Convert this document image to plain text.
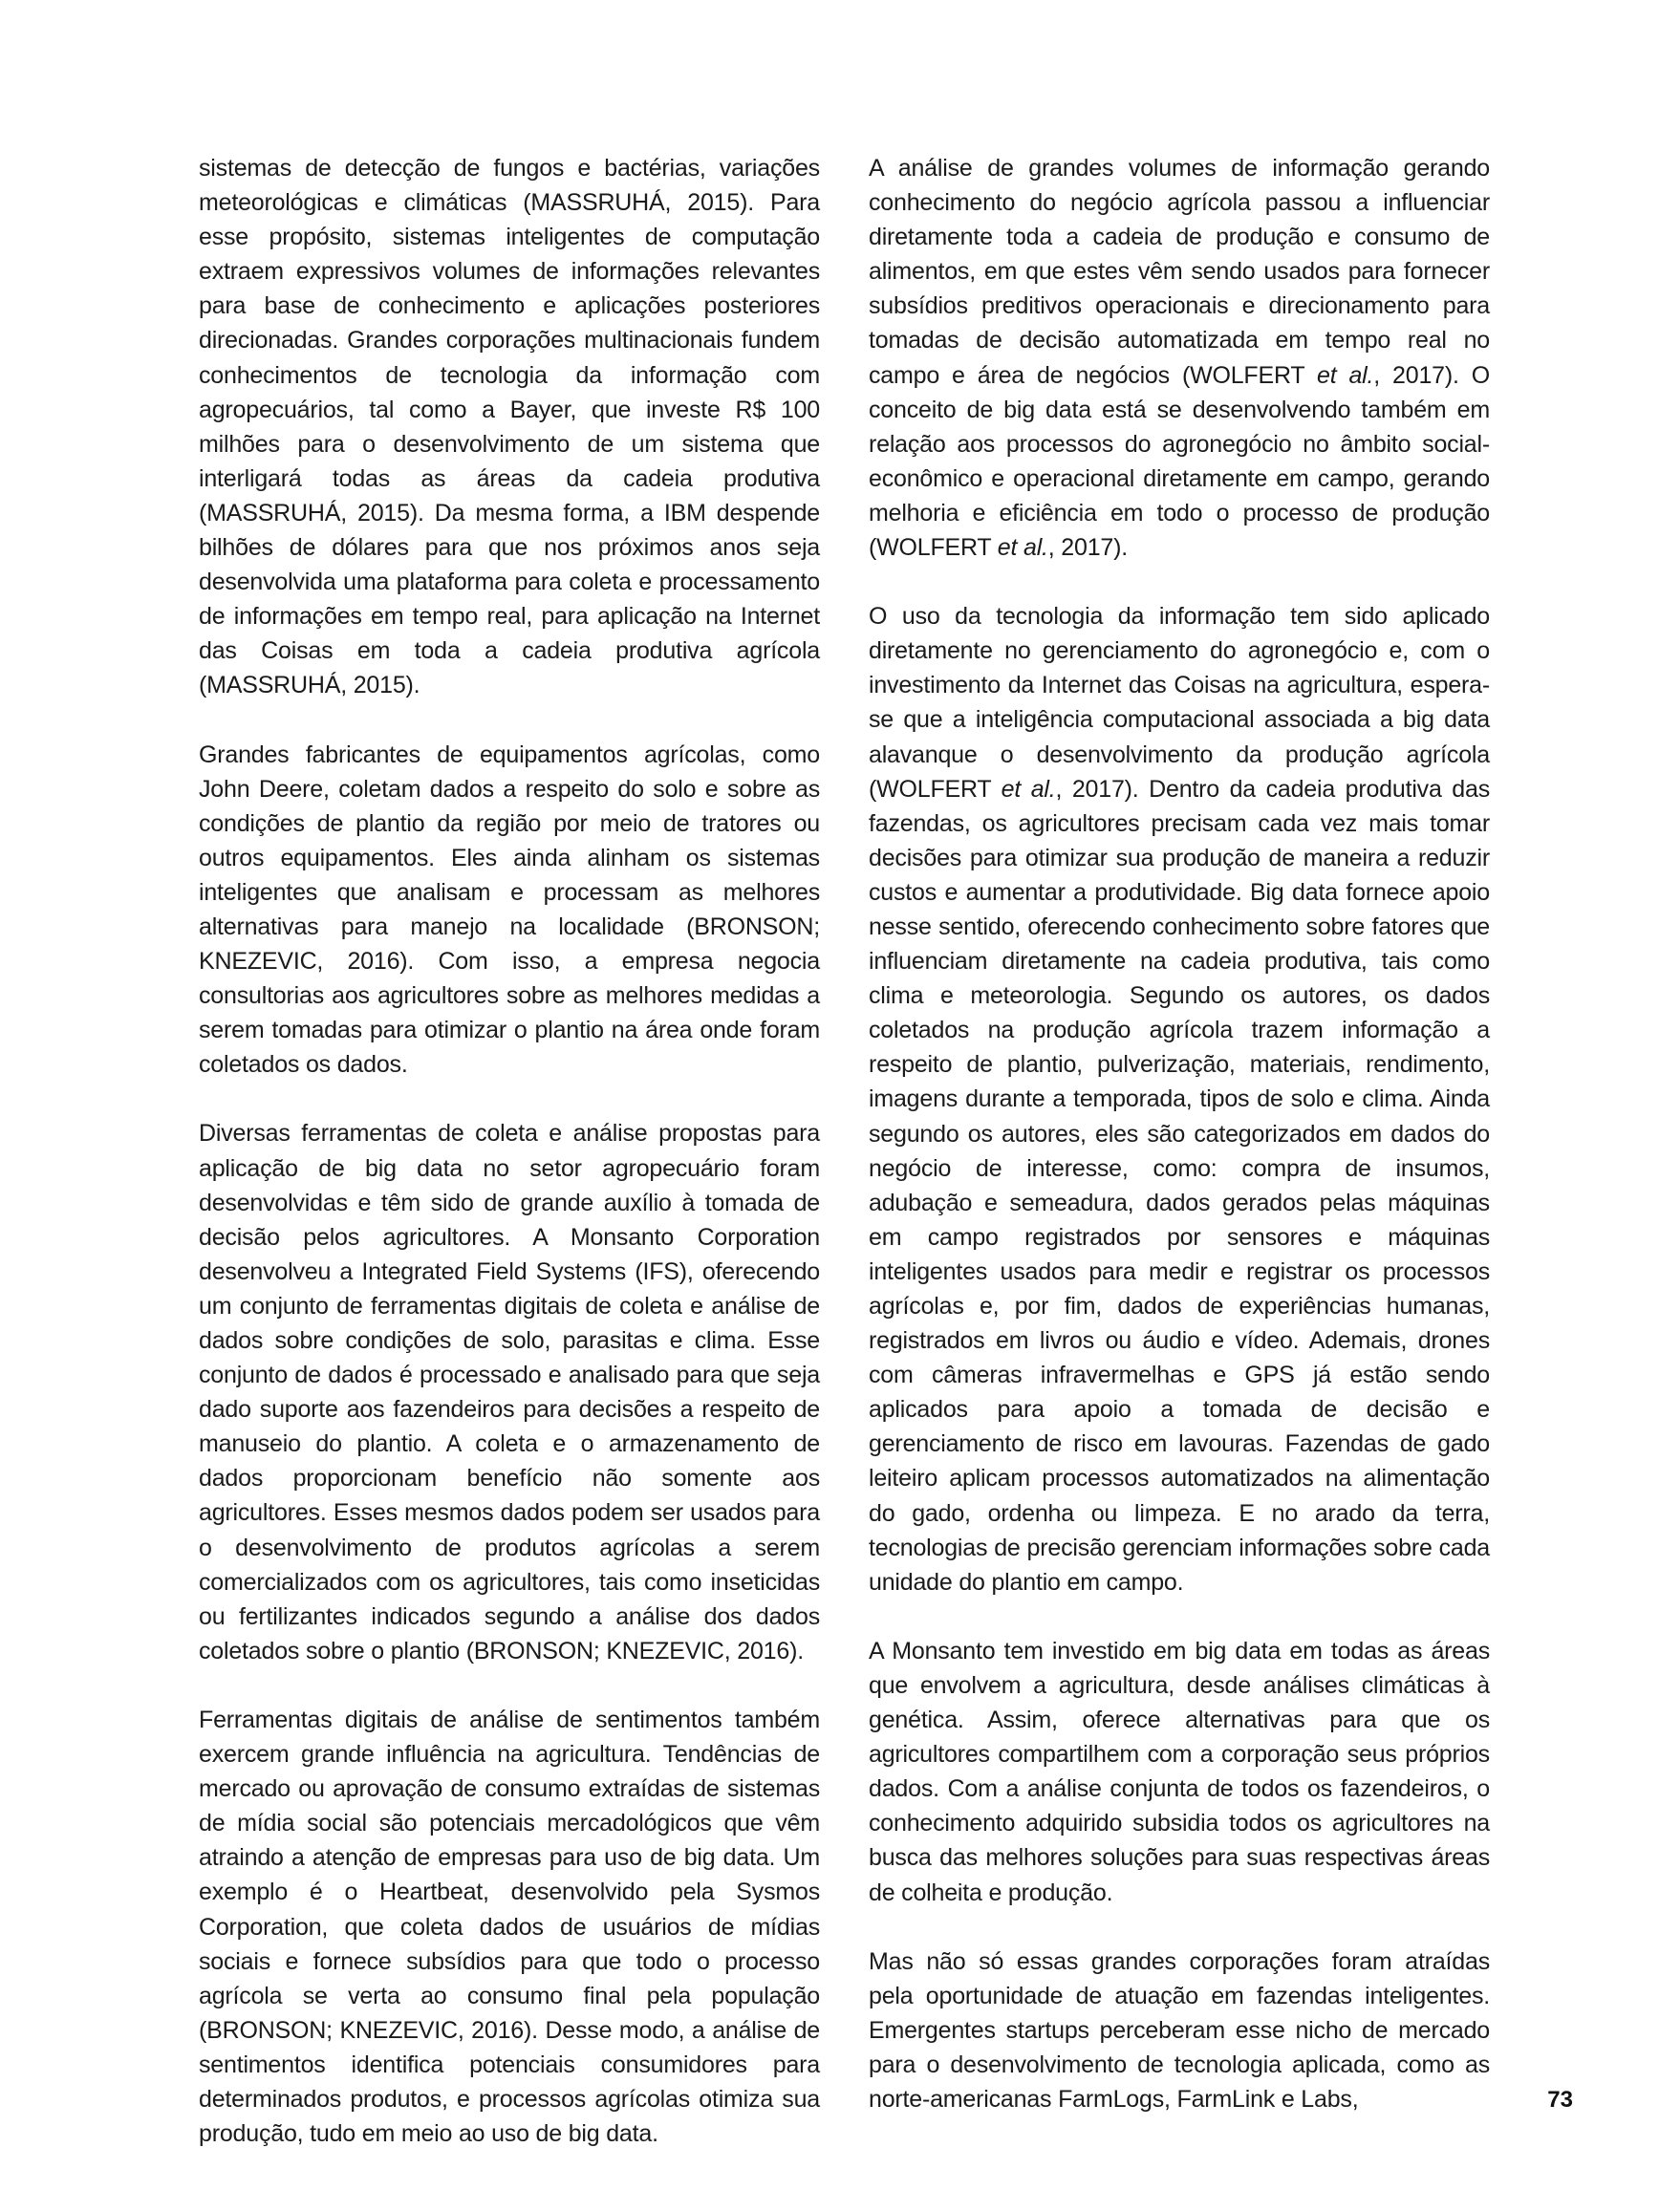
sistemas de detecção de fungos e bactérias, variações meteorológicas e climáticas (MASSRUHÁ, 2015). Para esse propósito, sistemas inteligentes de computação extraem expressivos volumes de informações relevantes para base de conhecimento e aplicações posteriores direcionadas. Grandes corporações multinacionais fundem conhecimentos de tecnologia da informação com agropecuários, tal como a Bayer, que investe R$ 100 milhões para o desenvolvimento de um sistema que interligará todas as áreas da cadeia produtiva (MASSRUHÁ, 2015). Da mesma forma, a IBM despende bilhões de dólares para que nos próximos anos seja desenvolvida uma plataforma para coleta e processamento de informações em tempo real, para aplicação na Internet das Coisas em toda a cadeia produtiva agrícola (MASSRUHÁ, 2015).

Grandes fabricantes de equipamentos agrícolas, como John Deere, coletam dados a respeito do solo e sobre as condições de plantio da região por meio de tratores ou outros equipamentos. Eles ainda alinham os sistemas inteligentes que analisam e processam as melhores alternativas para manejo na localidade (BRONSON; KNEZEVIC, 2016). Com isso, a empresa negocia consultorias aos agricultores sobre as melhores medidas a serem tomadas para otimizar o plantio na área onde foram coletados os dados.

Diversas ferramentas de coleta e análise propostas para aplicação de big data no setor agropecuário foram desenvolvidas e têm sido de grande auxílio à tomada de decisão pelos agricultores. A Monsanto Corporation desenvolveu a Integrated Field Systems (IFS), oferecendo um conjunto de ferramentas digitais de coleta e análise de dados sobre condições de solo, parasitas e clima. Esse conjunto de dados é processado e analisado para que seja dado suporte aos fazendeiros para decisões a respeito de manuseio do plantio. A coleta e o armazenamento de dados proporcionam benefício não somente aos agricultores. Esses mesmos dados podem ser usados para o desenvolvimento de produtos agrícolas a serem comercializados com os agricultores, tais como inseticidas ou fertilizantes indicados segundo a análise dos dados coletados sobre o plantio (BRONSON; KNEZEVIC, 2016).

Ferramentas digitais de análise de sentimentos também exercem grande influência na agricultura. Tendências de mercado ou aprovação de consumo extraídas de sistemas de mídia social são potenciais mercadológicos que vêm atraindo a atenção de empresas para uso de big data. Um exemplo é o Heartbeat, desenvolvido pela Sysmos Corporation, que coleta dados de usuários de mídias sociais e fornece subsídios para que todo o processo agrícola se verta ao consumo final pela população (BRONSON; KNEZEVIC, 2016). Desse modo, a análise de sentimentos identifica potenciais consumidores para determinados produtos, e processos agrícolas otimiza sua produção, tudo em meio ao uso de big data.

A análise de grandes volumes de informação gerando conhecimento do negócio agrícola passou a influenciar diretamente toda a cadeia de produção e consumo de alimentos, em que estes vêm sendo usados para fornecer subsídios preditivos operacionais e direcionamento para tomadas de decisão automatizada em tempo real no campo e área de negócios (WOLFERT et al., 2017). O conceito de big data está se desenvolvendo também em relação aos processos do agronegócio no âmbito social-econômico e operacional diretamente em campo, gerando melhoria e eficiência em todo o processo de produção (WOLFERT et al., 2017).

O uso da tecnologia da informação tem sido aplicado diretamente no gerenciamento do agronegócio e, com o investimento da Internet das Coisas na agricultura, espera-se que a inteligência computacional associada a big data alavanque o desenvolvimento da produção agrícola (WOLFERT et al., 2017). Dentro da cadeia produtiva das fazendas, os agricultores precisam cada vez mais tomar decisões para otimizar sua produção de maneira a reduzir custos e aumentar a produtividade. Big data fornece apoio nesse sentido, oferecendo conhecimento sobre fatores que influenciam diretamente na cadeia produtiva, tais como clima e meteorologia. Segundo os autores, os dados coletados na produção agrícola trazem informação a respeito de plantio, pulverização, materiais, rendimento, imagens durante a temporada, tipos de solo e clima. Ainda segundo os autores, eles são categorizados em dados do negócio de interesse, como: compra de insumos, adubação e semeadura, dados gerados pelas máquinas em campo registrados por sensores e máquinas inteligentes usados para medir e registrar os processos agrícolas e, por fim, dados de experiências humanas, registrados em livros ou áudio e vídeo. Ademais, drones com câmeras infravermelhas e GPS já estão sendo aplicados para apoio a tomada de decisão e gerenciamento de risco em lavouras. Fazendas de gado leiteiro aplicam processos automatizados na alimentação do gado, ordenha ou limpeza. E no arado da terra, tecnologias de precisão gerenciam informações sobre cada unidade do plantio em campo.

A Monsanto tem investido em big data em todas as áreas que envolvem a agricultura, desde análises climáticas à genética. Assim, oferece alternativas para que os agricultores compartilhem com a corporação seus próprios dados. Com a análise conjunta de todos os fazendeiros, o conhecimento adquirido subsidia todos os agricultores na busca das melhores soluções para suas respectivas áreas de colheita e produção.

Mas não só essas grandes corporações foram atraídas pela oportunidade de atuação em fazendas inteligentes. Emergentes startups perceberam esse nicho de mercado para o desenvolvimento de tecnologia aplicada, como as norte-americanas FarmLogs, FarmLink e Labs,	73
